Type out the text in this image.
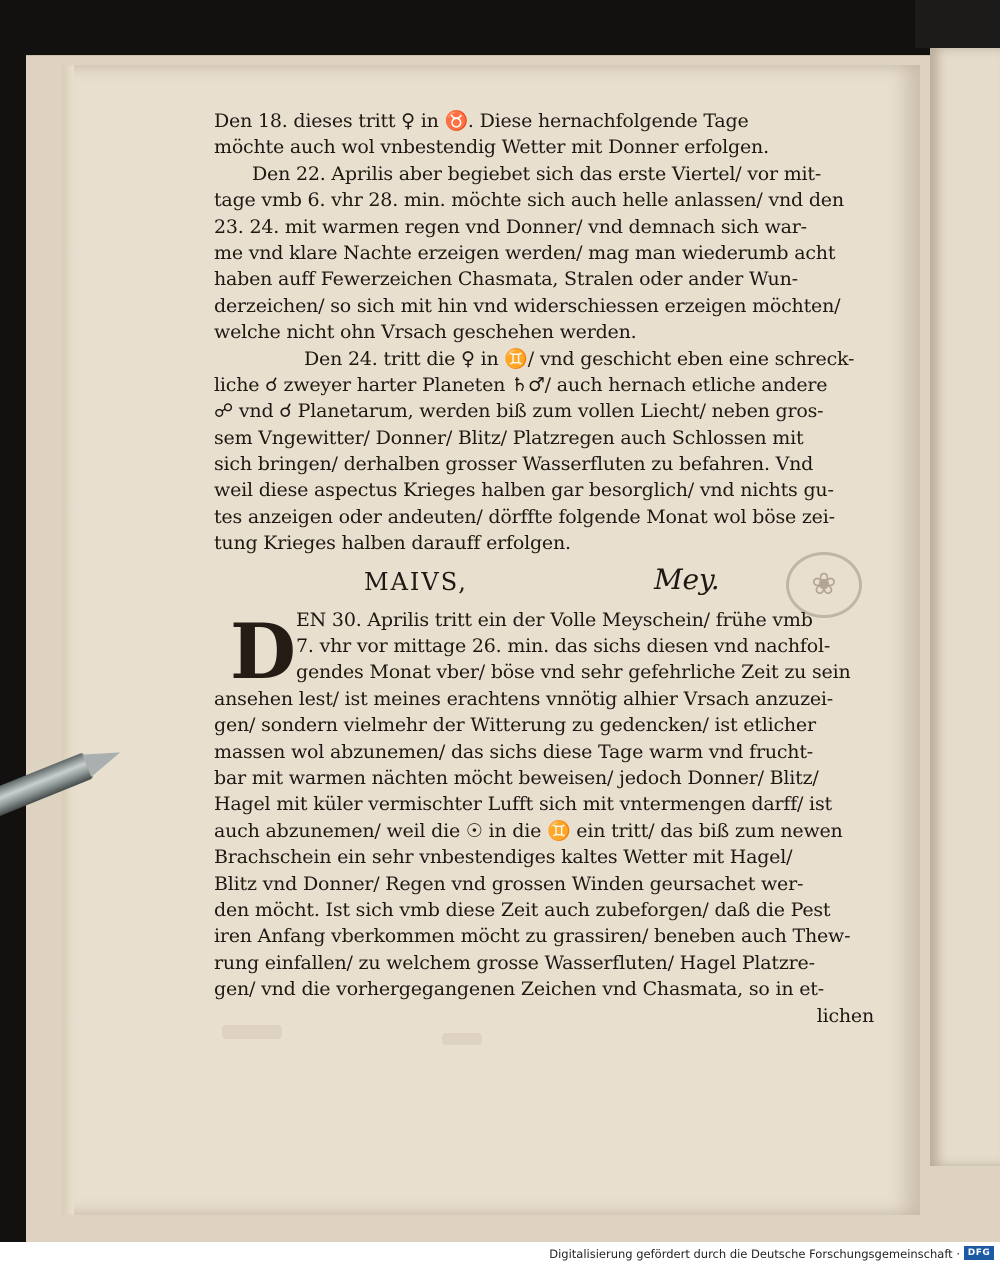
❀
Den 18. dieses tritt ♀ in ♉. Diese hernachfolgende Tage
möchte auch wol vnbestendig Wetter mit Donner erfolgen.
Den 22. Aprilis aber begiebet sich das erste Viertel/ vor mit-
tage vmb 6. vhr 28. min. möchte sich auch helle anlassen/ vnd den
23. 24. mit warmen regen vnd Donner/ vnd demnach sich war-
me vnd klare Nachte erzeigen werden/ mag man wiederumb acht
haben auff Fewerzeichen Chasmata, Stralen oder ander Wun-
derzeichen/ so sich mit hin vnd widerschiessen erzeigen möchten/
welche nicht ohn Vrsach geschehen werden.
Den 24. tritt die ♀ in ♊/ vnd geschicht eben eine schreck-
liche ☌ zweyer harter Planeten ♄♂/ auch hernach etliche andere
☍ vnd ☌ Planetarum, werden biß zum vollen Liecht/ neben gros-
sem Vngewitter/ Donner/ Blitz/ Platzregen auch Schlossen mit
sich bringen/ derhalben grosser Wasserfluten zu befahren. Vnd
weil diese aspectus Krieges halben gar besorglich/ vnd nichts gu-
tes anzeigen oder andeuten/ dörffte folgende Monat wol böse zei-
tung Krieges halben darauff erfolgen.
MAIVS,	Mey.
EN 30. Aprilis tritt ein der Volle Meyschein/ frühe vmb
7. vhr vor mittage 26. min. das sichs diesen vnd nachfol-
gendes Monat vber/ böse vnd sehr gefehrliche Zeit zu sein
ansehen lest/ ist meines erachtens vnnötig alhier Vrsach anzuzei-
gen/ sondern vielmehr der Witterung zu gedencken/ ist etlicher
massen wol abzunemen/ das sichs diese Tage warm vnd frucht-
bar mit warmen nächten möcht beweisen/ jedoch Donner/ Blitz/
Hagel mit küler vermischter Lufft sich mit vntermengen darff/ ist
auch abzunemen/ weil die ☉ in die ♊ ein tritt/ das biß zum newen
Brachschein ein sehr vnbestendiges kaltes Wetter mit Hagel/
Blitz vnd Donner/ Regen vnd grossen Winden geursachet wer-
den möcht. Ist sich vmb diese Zeit auch zubeforgen/ daß die Pest
iren Anfang vberkommen möcht zu grassiren/ beneben auch Thew-
rung einfallen/ zu welchem grosse Wasserfluten/ Hagel Platzre-
gen/ vnd die vorhergegangenen Zeichen vnd Chasmata, so in et-
lichen
D
Digitalisierung gefördert durch die Deutsche Forschungsgemeinschaft · DFG
